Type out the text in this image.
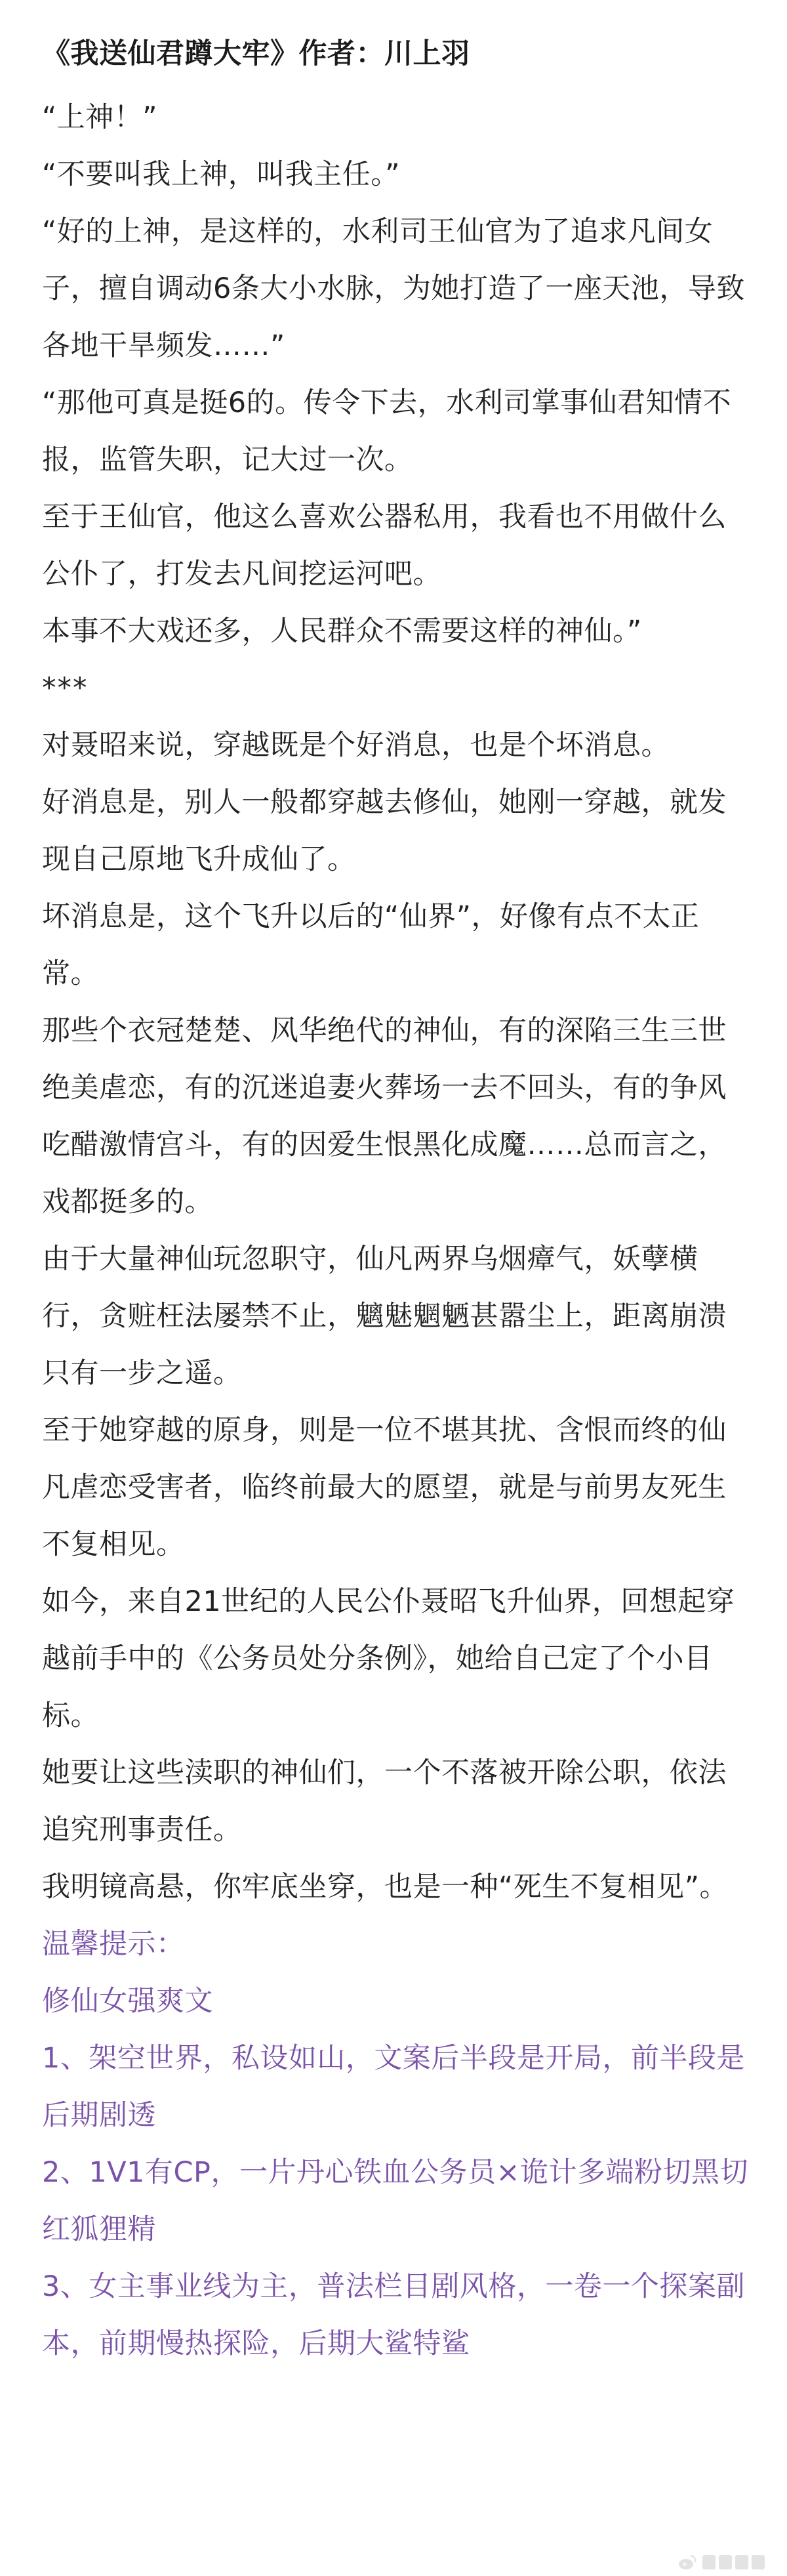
《我送仙君蹲大牢》作者：川上羽

“上神！”

“不要叫我上神，叫我主任。”

“好的上神，是这样的，水利司王仙官为了追求凡间女子，擅自调动6条大小水脉，为她打造了一座天池，导致各地干旱频发……”

“那他可真是挺6的。传令下去，水利司掌事仙君知情不报，监管失职，记大过一次。

至于王仙官，他这么喜欢公器私用，我看也不用做什么公仆了，打发去凡间挖运河吧。

本事不大戏还多，人民群众不需要这样的神仙。”

***

对聂昭来说，穿越既是个好消息，也是个坏消息。

好消息是，别人一般都穿越去修仙，她刚一穿越，就发现自己原地飞升成仙了。

坏消息是，这个飞升以后的“仙界”，好像有点不太正常。

那些个衣冠楚楚、风华绝代的神仙，有的深陷三生三世绝美虐恋，有的沉迷追妻火葬场一去不回头，有的争风吃醋激情宫斗，有的因爱生恨黑化成魔……总而言之，戏都挺多的。

由于大量神仙玩忽职守，仙凡两界乌烟瘴气，妖孽横行，贪赃枉法屡禁不止，魑魅魍魉甚嚣尘上，距离崩溃只有一步之遥。

至于她穿越的原身，则是一位不堪其扰、含恨而终的仙凡虐恋受害者，临终前最大的愿望，就是与前男友死生不复相见。

如今，来自21世纪的人民公仆聂昭飞升仙界，回想起穿越前手中的《公务员处分条例》，她给自己定了个小目标。

她要让这些渎职的神仙们，一个不落被开除公职，依法追究刑事责任。

我明镜高悬，你牢底坐穿，也是一种“死生不复相见”。

温馨提示：

修仙女强爽文

1、架空世界，私设如山，文案后半段是开局，前半段是后期剧透

2、1V1有CP，一片丹心铁血公务员×诡计多端粉切黑切红狐狸精

3、女主事业线为主，普法栏目剧风格，一卷一个探案副本，前期慢热探险，后期大鲨特鲨
